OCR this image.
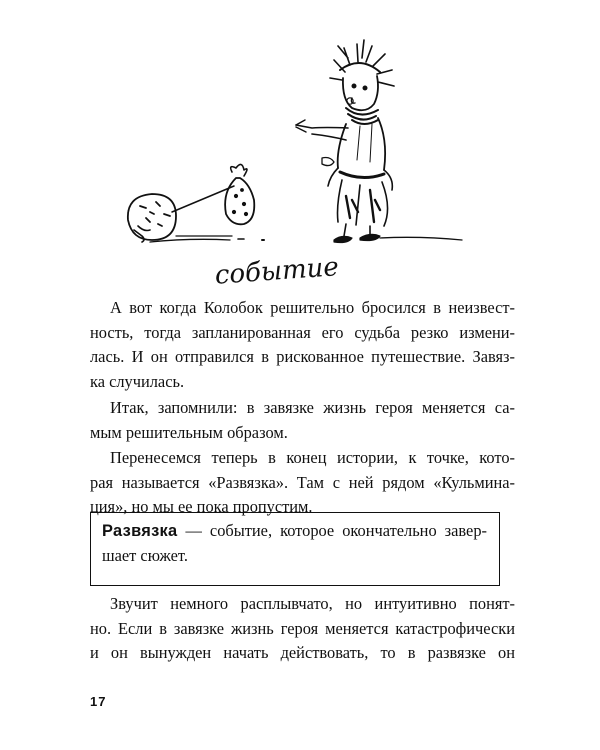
событие
А вот когда Колобок решительно бросился в неизвест-
ность, тогда запланированная его судьба резко измени-
лась. И он отправился в рискованное путешествие. Завяз-
ка случилась.
Итак, запомнили: в завязке жизнь героя меняется са-
мым решительным образом.
Перенесемся теперь в конец истории, к точке, кото-
рая называется «Развязка». Там с ней рядом «Кульмина-
ция», но мы ее пока пропустим.
Развязка — событие, которое окончательно завер-
шает сюжет.
Звучит немного расплывчато, но интуитивно понят-
но. Если в завязке жизнь героя меняется катастрофически
и он вынужден начать действовать, то в развязке он
17
